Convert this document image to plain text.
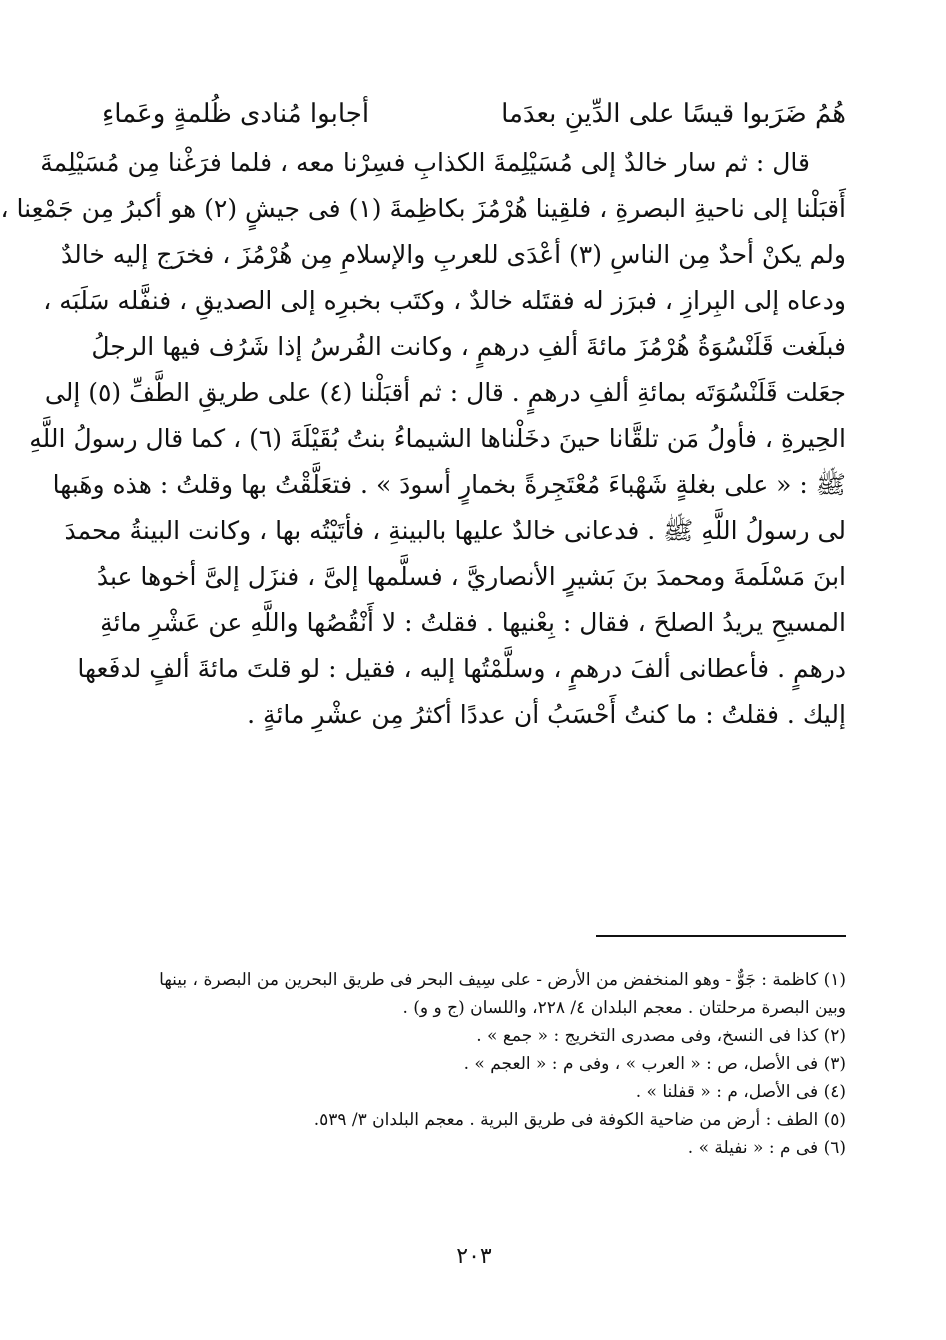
هُمُ ضَرَبوا قيسًا على الدِّينِ بعدَما
أجابوا مُنادى ظُلمةٍ وعَماءِ
قال : ثم سار خالدٌ إلى مُسَيْلِمةَ الكذابِ فسِرْنا معه ، فلما فرَغْنا مِن مُسَيْلِمةَ
أَقبَلْنا إلى ناحيةِ البصرةِ ، فلقِينا هُرْمُزَ بكاظِمةَ (١) فى جيشٍ (٢) هو أكبرُ مِن جَمْعِنا ،
ولم يكنْ أحدٌ مِن الناسِ (٣) أعْدَى للعربِ والإسلامِ مِن هُرْمُزَ ، فخرَج إليه خالدٌ
ودعاه إلى البِرازِ ، فبرَز له فقتَله خالدٌ ، وكتَب بخبرِه إلى الصديقِ ، فنفَّله سَلَبَه ،
فبلَغت قَلَنْسُوَةُ هُرْمُزَ مائةَ ألفِ درهمٍ ، وكانت الفُرسُ إذا شَرُف فيها الرجلُ
جعَلت قَلَنْسُوَتَه بمائةِ ألفِ درهمٍ . قال : ثم أقبَلْنا (٤) على طريقِ الطَّفِّ (٥) إلى
الحِيرةِ ، فأولُ مَن تلقَّانا حينَ دخَلْناها الشيماءُ بنتُ بُقَيْلَةَ (٦) ، كما قال رسولُ اللَّهِ
ﷺ : « على بغلةٍ شَهْباءَ مُعْتَجِرةً بخمارٍ أسودَ » . فتعَلَّقْتُ بها وقلتُ : هذه وهَبها
لى رسولُ اللَّهِ ﷺ . فدعانى خالدٌ عليها بالبينةِ ، فأتَيْتُه بها ، وكانت البينةُ محمدَ
ابنَ مَسْلَمةَ ومحمدَ بنَ بَشيرٍ الأنصاريَّ ، فسلَّمها إلىَّ ، فنزَل إلىَّ أخوها عبدُ
المسيحِ يريدُ الصلحَ ، فقال : بِعْنيها . فقلتُ : لا أَنْقُصُها واللَّهِ عن عَشْرِ مائةِ
درهمٍ . فأعطانى ألفَ درهمٍ ، وسلَّمْتُها إليه ، فقيل : لو قلتَ مائةَ ألفٍ لدفَعها
إليك . فقلتُ : ما كنتُ أَحْسَبُ أن عددًا أكثرُ مِن عشْرِ مائةٍ .
(١) كاظمة : جَوٌّ - وهو المنخفض من الأرض - على سِيف البحر فى طريق البحرين من البصرة ، بينها
وبين البصرة مرحلتان . معجم البلدان ٤/ ٢٢٨، واللسان (ج و و) .
(٢) كذا فى النسخ، وفى مصدرى التخريج : « جمع » .
(٣) فى الأصل، ص : « العرب » ، وفى م : « العجم » .
(٤) فى الأصل، م : « قفلنا » .
(٥) الطف : أرض من ضاحية الكوفة فى طريق البرية . معجم البلدان ٣/ ٥٣٩.
(٦) فى م : « نفيلة » .
٢٠٣
